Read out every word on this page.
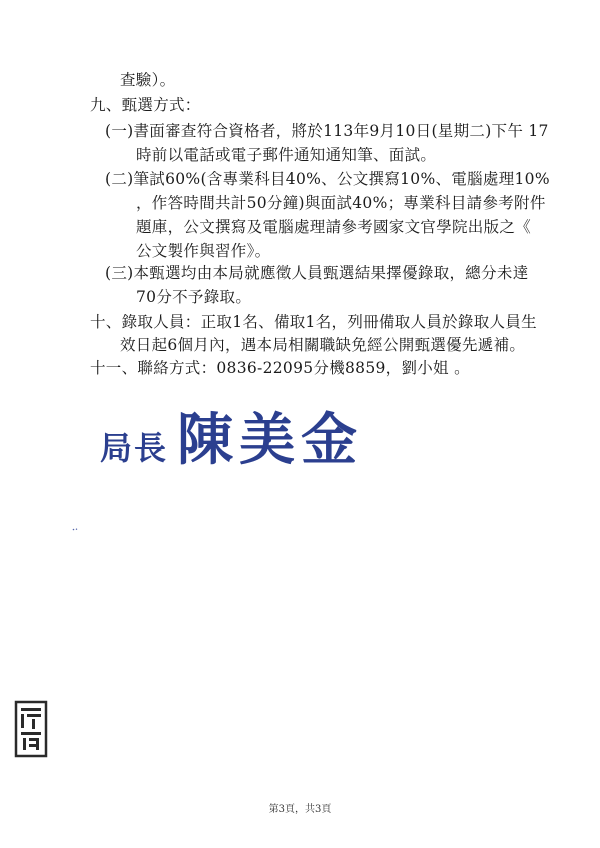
查驗）。
九、甄選方式：
(一)書面審查符合資格者，將於113年9月10日(星期二)下午 17
時前以電話或電子郵件通知通知筆、面試。
(二)筆試60%(含專業科目40%、公文撰寫10%、電腦處理10%
，作答時間共計50分鐘)與面試40%；專業科目請參考附件
題庫，公文撰寫及電腦處理請參考國家文官學院出版之《
公文製作與習作》。
(三)本甄選均由本局就應徵人員甄選結果擇優錄取，總分未達
70分不予錄取。
十、錄取人員：正取1名、備取1名，列冊備取人員於錄取人員生
效日起6個月內，遇本局相關職缺免經公開甄選優先遞補。
十一、聯絡方式：0836-22095分機8859，劉小姐 。
局長 陳美金
第3頁，共3頁
